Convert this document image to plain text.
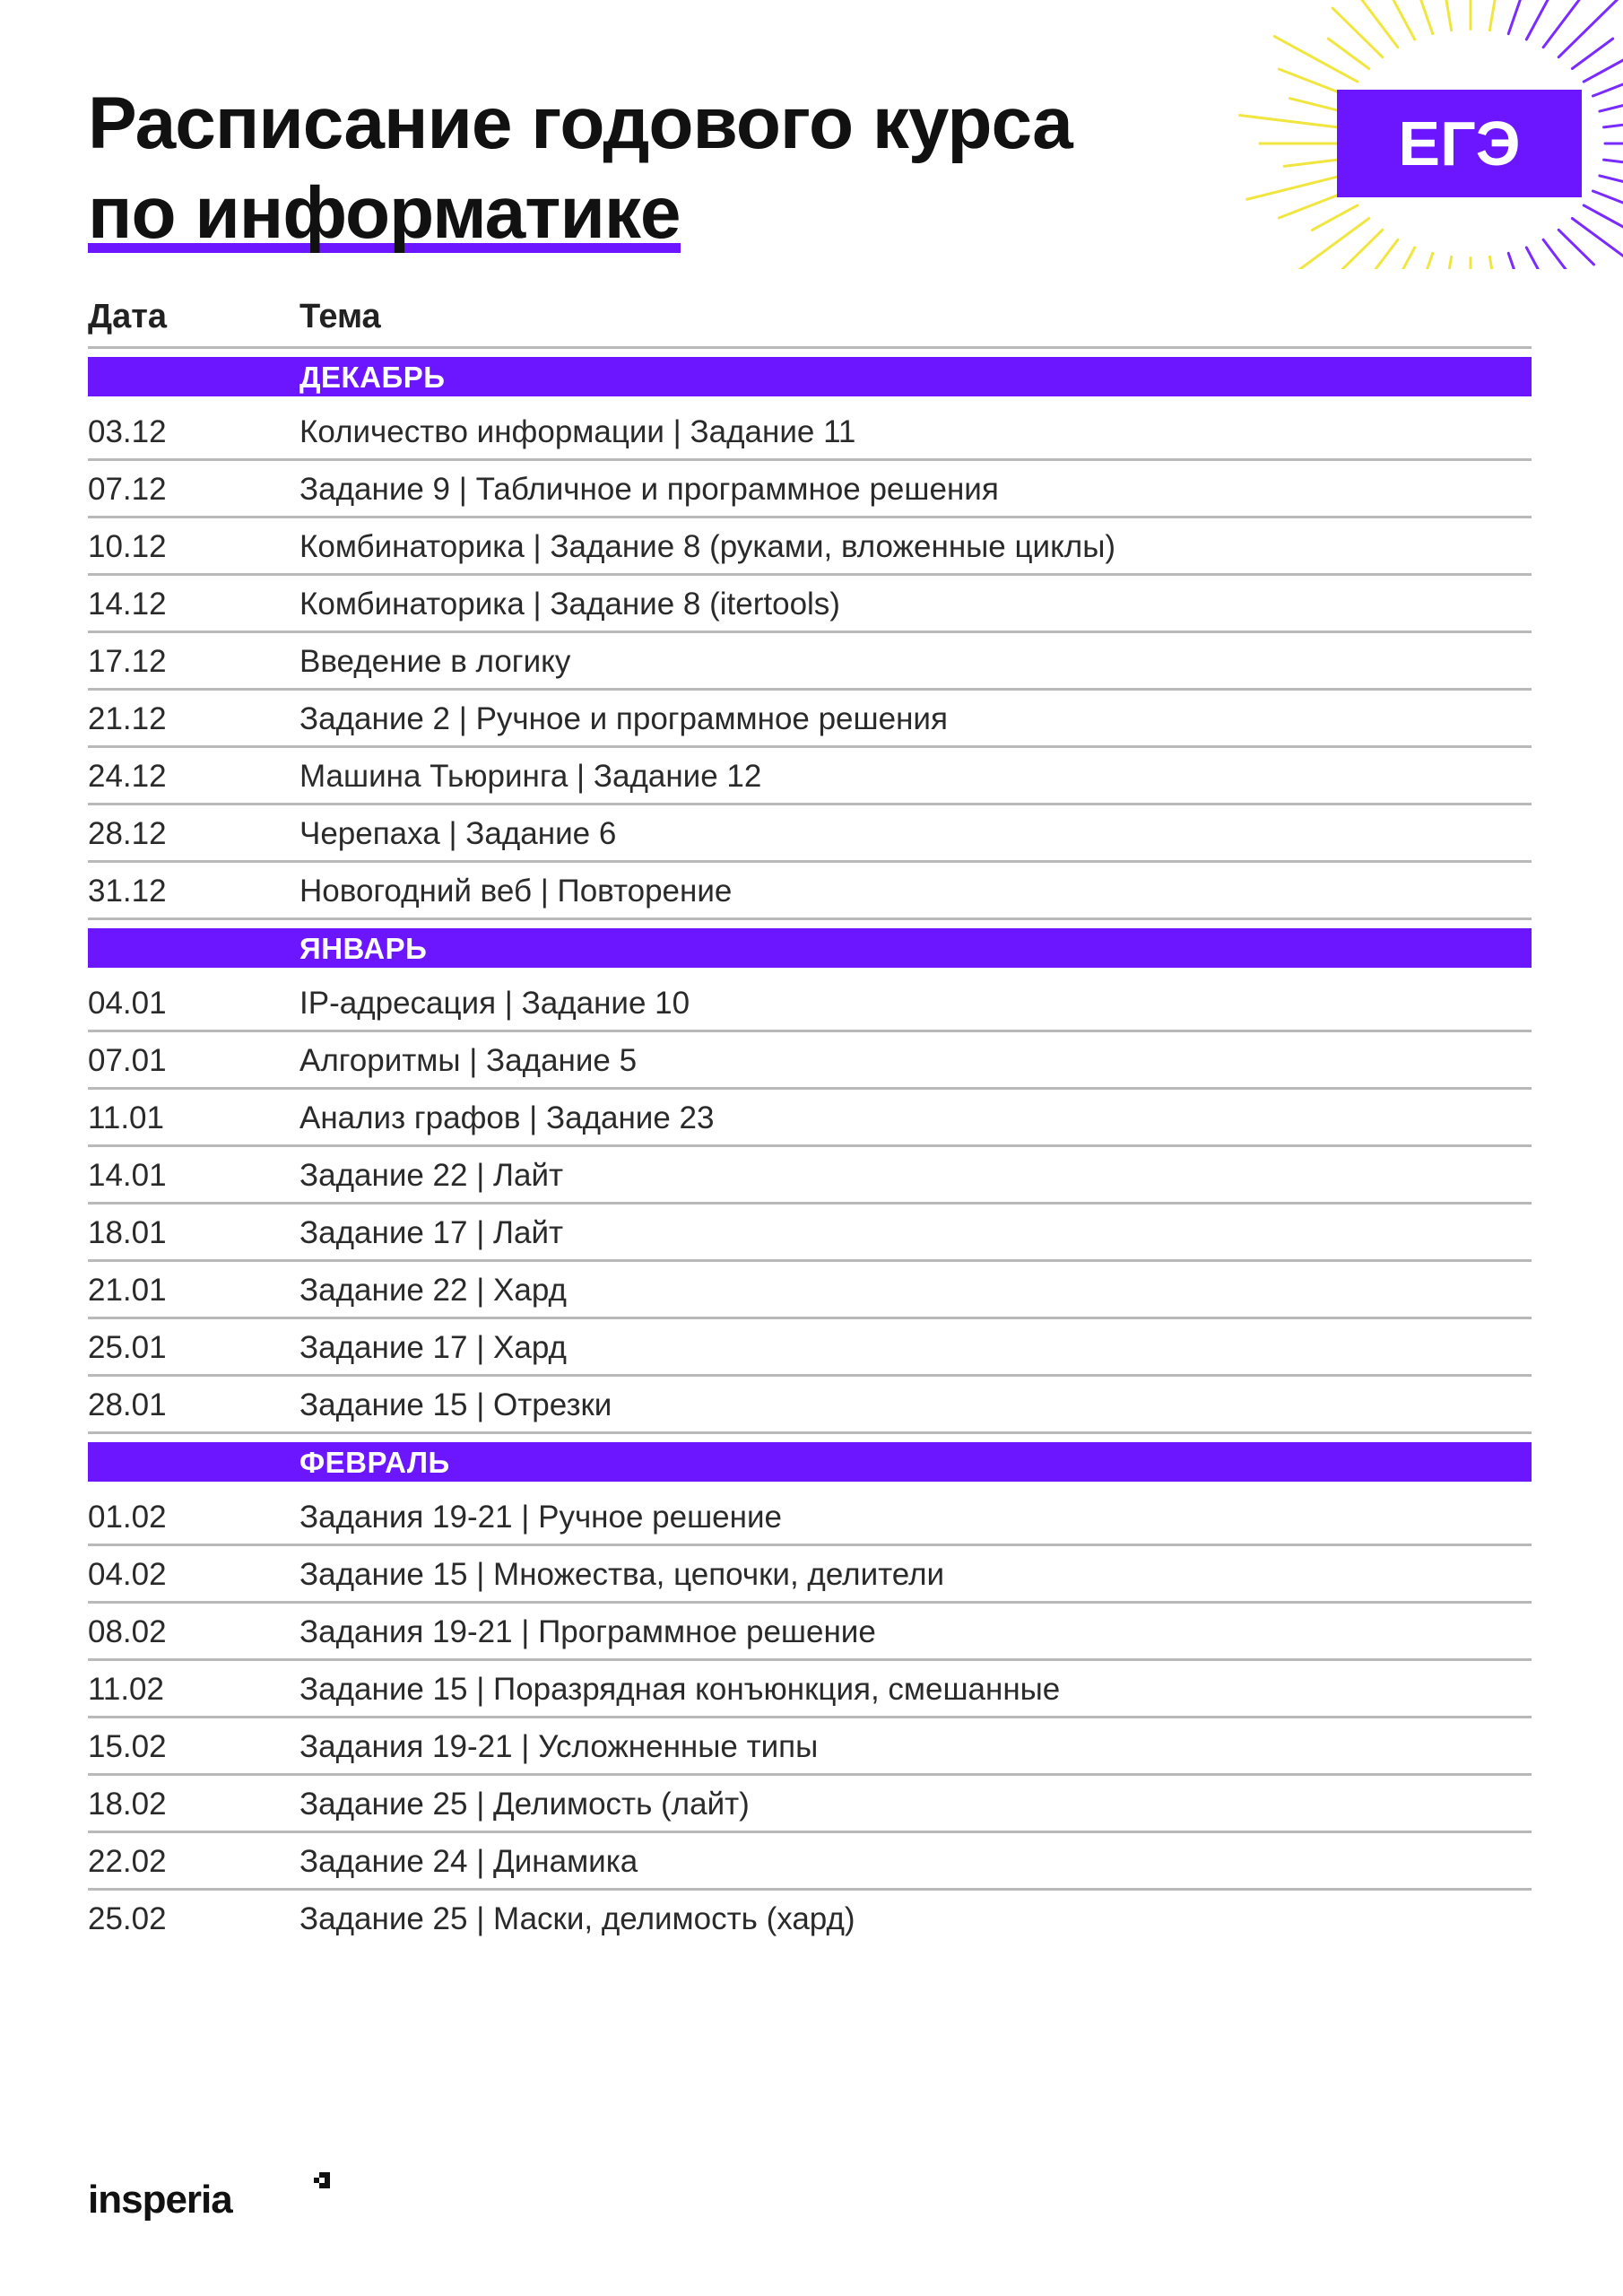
Расписание годового курса
по информатике
ЕГЭ
Дата	Тема
ДЕКАБРЬ
03.12	Количество информации | Задание 11
07.12	Задание 9 | Табличное и программное решения
10.12	Комбинаторика | Задание 8 (руками, вложенные циклы)
14.12	Комбинаторика | Задание 8 (itertools)
17.12	Введение в логику
21.12	Задание 2 | Ручное и программное решения
24.12	Машина Тьюринга | Задание 12
28.12	Черепаха | Задание 6
31.12	Новогодний веб | Повторение
ЯНВАРЬ
04.01	IP-адресация | Задание 10
07.01	Алгоритмы | Задание 5
11.01	Анализ графов | Задание 23
14.01	Задание 22 | Лайт
18.01	Задание 17 | Лайт
21.01	Задание 22 | Хард
25.01	Задание 17 | Хард
28.01	Задание 15 | Отрезки
ФЕВРАЛЬ
01.02	Задания 19-21 | Ручное решение
04.02	Задание 15 | Множества, цепочки, делители
08.02	Задания 19-21 | Программное решение
11.02	Задание 15 | Поразрядная конъюнкция, смешанные
15.02	Задания 19-21 | Усложненные типы
18.02	Задание 25 | Делимость (лайт)
22.02	Задание 24 | Динамика
25.02	Задание 25 | Маски, делимость (хард)
insperia
